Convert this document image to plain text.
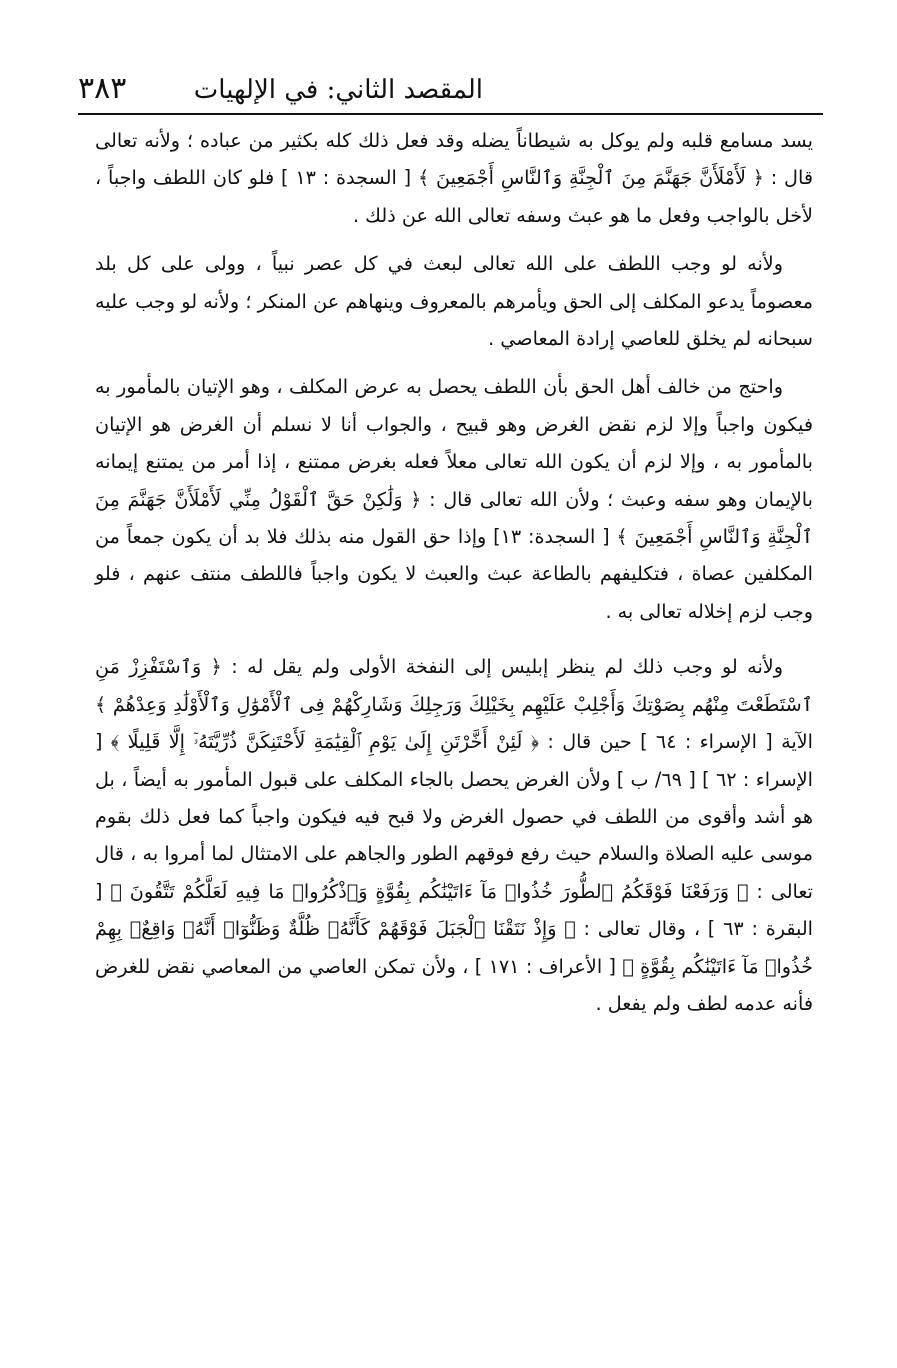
المقصد الثاني: في الإلهيات
٣٨٣

يسد مسامع قلبه ولم يوكل به شيطاناً يضله وقد فعل ذلك كله بكثير من عباده ؛ ولأنه تعالى قال : ﴿ لَأَمْلَأَنَّ جَهَنَّمَ مِنَ ٱلْجِنَّةِ وَٱلنَّاسِ أَجْمَعِينَ ﴾ [ السجدة : ١٣ ] فلو كان اللطف واجباً ، لأخل بالواجب وفعل ما هو عبث وسفه تعالى الله عن ذلك .

ولأنه لو وجب اللطف على الله تعالى لبعث في كل عصر نبياً ، وولى على كل بلد معصوماً يدعو المكلف إلى الحق ويأمرهم بالمعروف وينهاهم عن المنكر ؛ ولأنه لو وجب عليه سبحانه لم يخلق للعاصي إرادة المعاصي .

واحتج من خالف أهل الحق بأن اللطف يحصل به عرض المكلف ، وهو الإتيان بالمأمور به فيكون واجباً وإلا لزم نقض الغرض وهو قبيح ، والجواب أنا لا نسلم أن الغرض هو الإتيان بالمأمور به ، وإلا لزم أن يكون الله تعالى معلاً فعله بغرض ممتنع ، إذا أمر من يمتنع إيمانه بالإيمان وهو سفه وعبث ؛ ولأن الله تعالى قال : ﴿ وَلَٰكِنْ حَقَّ ٱلْقَوْلُ مِنِّي لَأَمْلَأَنَّ جَهَنَّمَ مِنَ ٱلْجِنَّةِ وَٱلنَّاسِ أَجْمَعِينَ ﴾ [ السجدة: ١٣] وإذا حق القول منه بذلك فلا بد أن يكون جمعاً من المكلفين عصاة ، فتكليفهم بالطاعة عبث والعبث لا يكون واجباً فاللطف منتف عنهم ، فلو وجب لزم إخلاله تعالى به .

ولأنه لو وجب ذلك لم ينظر إبليس إلى النفخة الأولى ولم يقل له : ﴿ وَٱسْتَفْزِزْ مَنِ ٱسْتَطَعْتَ مِنْهُم بِصَوْتِكَ وَأَجْلِبْ عَلَيْهِم بِخَيْلِكَ وَرَجِلِكَ وَشَارِكْهُمْ فِى ٱلْأَمْوَٰلِ وَٱلْأَوْلَٰدِ وَعِدْهُمْ ﴾ الآية [ الإسراء : ٦٤ ] حين قال : ﴿ لَئِنْ أَخَّرْتَنِ إِلَىٰ يَوْمِ ٱلْقِيَٰمَةِ لَأَحْتَنِكَنَّ ذُرِّيَّتَهُۥٓ إِلَّا قَلِيلًا ﴾ [ الإسراء : ٦٢ ] [ ٦٩/ ب ] ولأن الغرض يحصل بالجاء المكلف على قبول المأمور به أيضاً ، بل هو أشد وأقوى من اللطف في حصول الغرض ولا قبح فيه فيكون واجباً كما فعل ذلك بقوم موسى عليه الصلاة والسلام حيث رفع فوقهم الطور والجاهم على الامتثال لما أمروا به ، قال تعالى : ﴿ وَرَفَعْنَا فَوْقَكُمُ ٱلطُّورَ خُذُوا۟ مَآ ءَاتَيْنَٰكُم بِقُوَّةٍ وَٱذْكُرُوا۟ مَا فِيهِ لَعَلَّكُمْ تَتَّقُونَ ﴾ [ البقرة : ٦٣ ] ، وقال تعالى : ﴿ وَإِذْ نَتَقْنَا ٱلْجَبَلَ فَوْقَهُمْ كَأَنَّهُۥ ظُلَّةٌ وَظَنُّوٓا۟ أَنَّهُۥ وَاقِعٌۢ بِهِمْ خُذُوا۟ مَآ ءَاتَيْنَٰكُم بِقُوَّةٍ ﴾ [ الأعراف : ١٧١ ] ، ولأن تمكن العاصي من المعاصي نقض للغرض فأنه عدمه لطف ولم يفعل .
